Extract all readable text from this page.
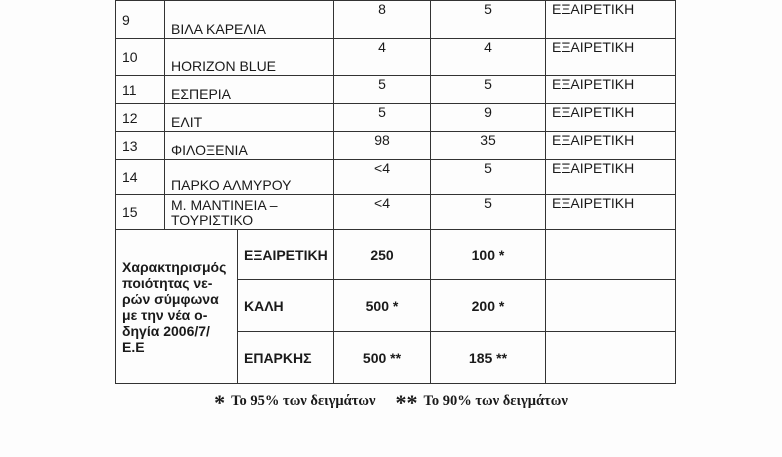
9	ΒΙΛΑ ΚΑΡΕΛΙΑ		8	5	ΕΞΑΙΡΕΤΙΚΗ
10	HORIZON BLUE		4	4	ΕΞΑΙΡΕΤΙΚΗ
11	ΕΣΠΕΡΙΑ		5	5	ΕΞΑΙΡΕΤΙΚΗ
12	ΕΛΙΤ		5	9	ΕΞΑΙΡΕΤΙΚΗ
13	ΦΙΛΟΞΕΝΙΑ		98	35	ΕΞΑΙΡΕΤΙΚΗ
14	ΠΑΡΚΟ ΑΛΜΥΡΟΥ		<4	5	ΕΞΑΙΡΕΤΙΚΗ
15	Μ. ΜΑΝΤΙΝΕΙΑ – ΤΟΥΡΙΣΤΙΚΟ		<4	5	ΕΞΑΙΡΕΤΙΚΗ
Χαρακτηρισμός ποιότητας νε-ρών σύμφωνα με την νέα ο-δηγία 2006/7/Ε.Ε		ΕΞΑΙΡΕΤΙΚΗ	250	100 *	
		ΚΑΛΗ	500 *	200 *	
		ΕΠΑΡΚΗΣ	500 **	185 **	
* Το 95% των δειγμάτων ** Το 90% των δειγμάτων
